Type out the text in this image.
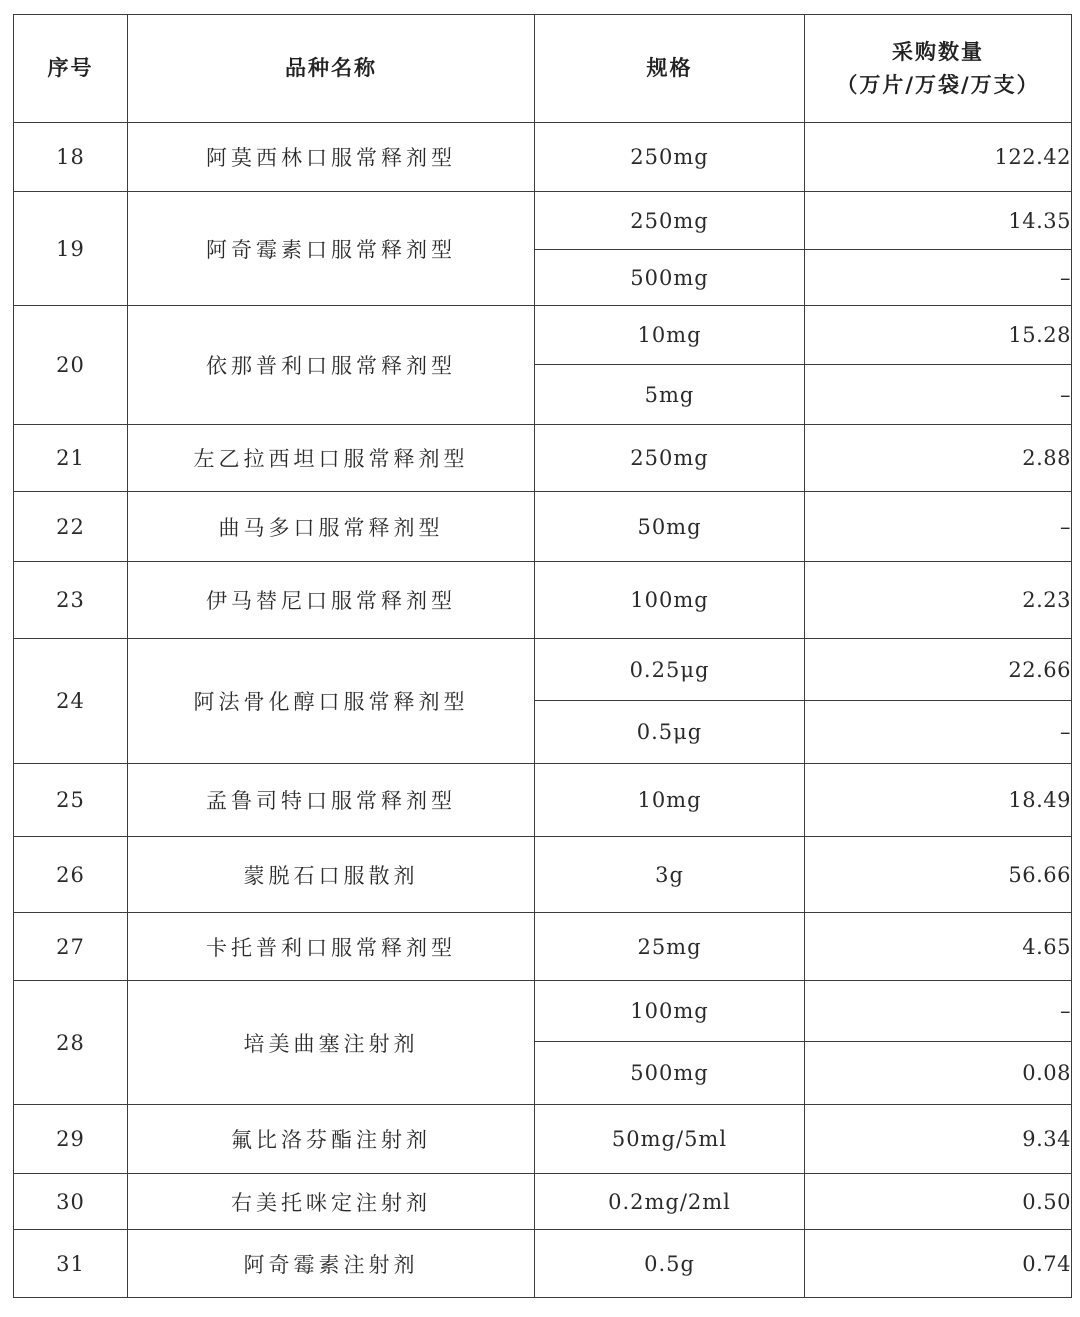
序号	品种名称	规格	采购数量
（万片/万袋/万支）

18	阿莫西林口服常释剂型	250mg	122.42
19	阿奇霉素口服常释剂型	250mg	14.35
		500mg	–
20	依那普利口服常释剂型	10mg	15.28
		5mg	–
21	左乙拉西坦口服常释剂型	250mg	2.88
22	曲马多口服常释剂型	50mg	–
23	伊马替尼口服常释剂型	100mg	2.23
24	阿法骨化醇口服常释剂型	0.25μg	22.66
		0.5μg	–
25	孟鲁司特口服常释剂型	10mg	18.49
26	蒙脱石口服散剂	3g	56.66
27	卡托普利口服常释剂型	25mg	4.65
28	培美曲塞注射剂	100mg	–
		500mg	0.08
29	氟比洛芬酯注射剂	50mg/5ml	9.34
30	右美托咪定注射剂	0.2mg/2ml	0.50
31	阿奇霉素注射剂	0.5g	0.74
